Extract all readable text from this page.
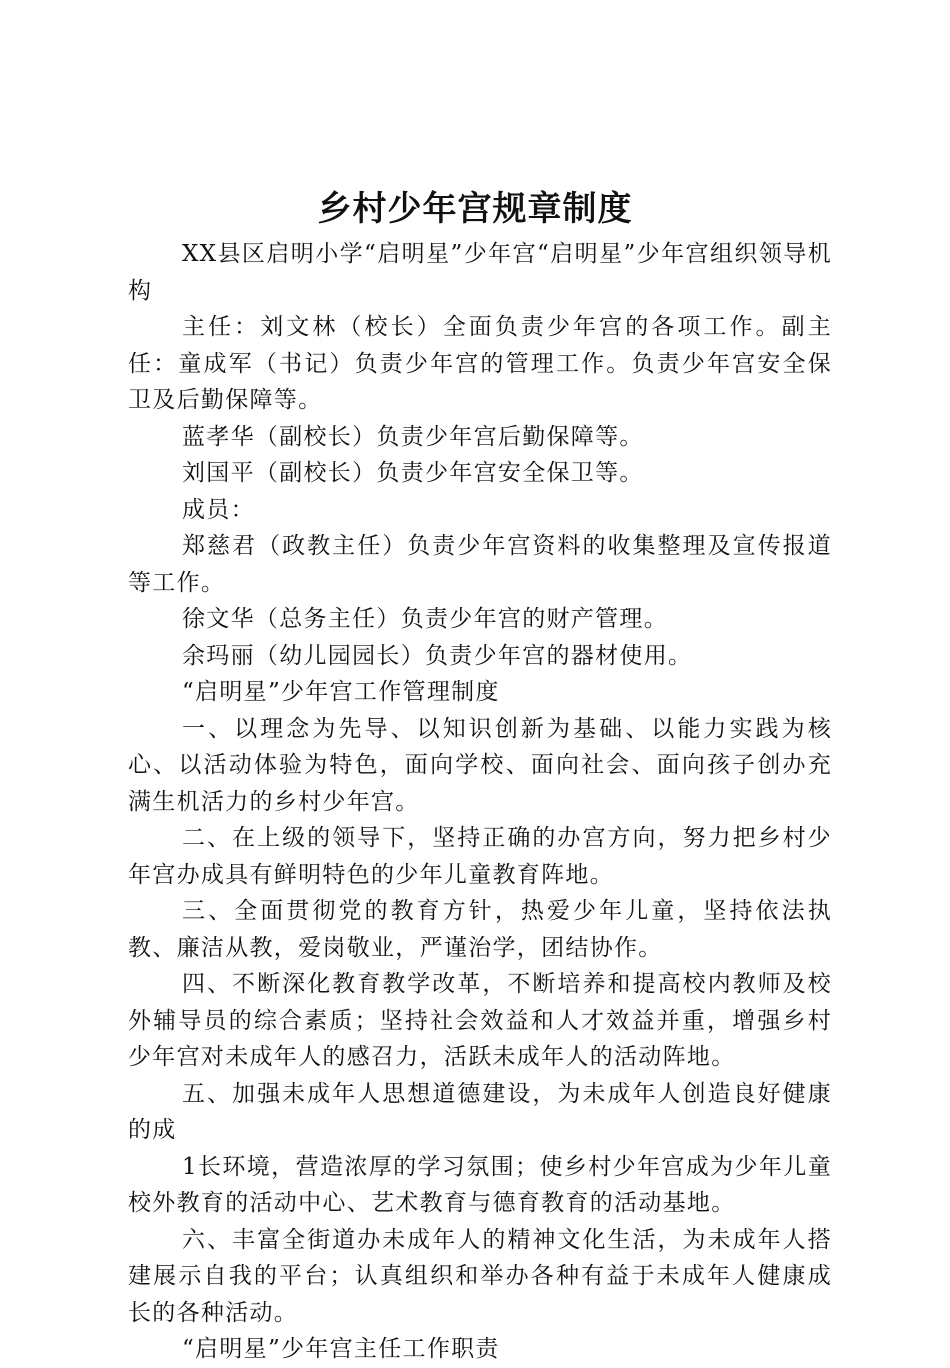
乡村少年宫规章制度

XX县区启明小学“启明星”少年宫“启明星”少年宫组织领导机构

主任：刘文林（校长）全面负责少年宫的各项工作。副主任：童成军（书记）负责少年宫的管理工作。负责少年宫安全保卫及后勤保障等。

蓝孝华（副校长）负责少年宫后勤保障等。

刘国平（副校长）负责少年宫安全保卫等。

成员：

郑慈君（政教主任）负责少年宫资料的收集整理及宣传报道等工作。

徐文华（总务主任）负责少年宫的财产管理。

余玛丽（幼儿园园长）负责少年宫的器材使用。

“启明星”少年宫工作管理制度

一、以理念为先导、以知识创新为基础、以能力实践为核心、以活动体验为特色，面向学校、面向社会、面向孩子创办充满生机活力的乡村少年宫。

二、在上级的领导下，坚持正确的办宫方向，努力把乡村少年宫办成具有鲜明特色的少年儿童教育阵地。

三、全面贯彻党的教育方针，热爱少年儿童，坚持依法执教、廉洁从教，爱岗敬业，严谨治学，团结协作。

四、不断深化教育教学改革，不断培养和提高校内教师及校外辅导员的综合素质；坚持社会效益和人才效益并重，增强乡村少年宫对未成年人的感召力，活跃未成年人的活动阵地。

五、加强未成年人思想道德建设，为未成年人创造良好健康的成

1长环境，营造浓厚的学习氛围；使乡村少年宫成为少年儿童校外教育的活动中心、艺术教育与德育教育的活动基地。

六、丰富全街道办未成年人的精神文化生活，为未成年人搭建展示自我的平台；认真组织和举办各种有益于未成年人健康成长的各种活动。

“启明星”少年宫主任工作职责
